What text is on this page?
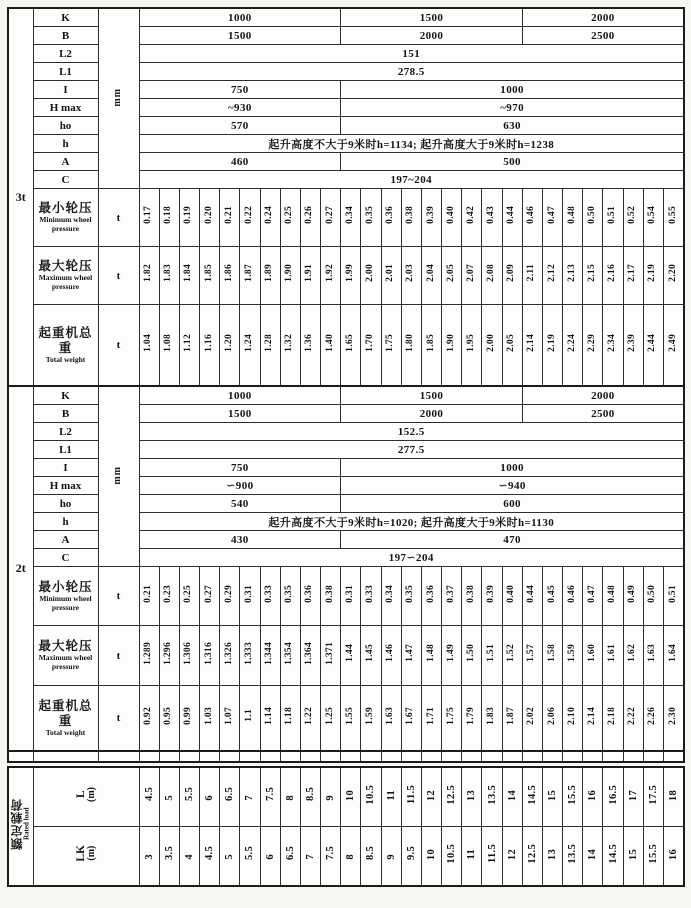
3t	K	mm	1000										1500									2000							
	B		1500										2000									2500							
	L2		151																										
	L1		278.5																										
	I		750										1000																
	H max		~930										~970																
	ho		570										630																
	h		起升高度不大于9米时h=1134; 起升高度大于9米时h=1238																										
	A		460										500																
	C		197~204																										

	最小轮压
Minimum wheel pressure	t	0.17	0.18	0.19	0.20	0.21	0.22	0.24	0.25	0.26	0.27	0.34	0.35	0.36	0.38	0.39	0.40	0.42	0.43	0.44	0.46	0.47	0.48	0.50	0.51	0.52	0.54	0.55

	最大轮压
Maximum wheel pressure	t	1.82	1.83	1.84	1.85	1.86	1.87	1.89	1.90	1.91	1.92	1.99	2.00	2.01	2.03	2.04	2.05	2.07	2.08	2.09	2.11	2.12	2.13	2.15	2.16	2.17	2.19	2.20

	起重机总重
Total weight	t	1.04	1.08	1.12	1.16	1.20	1.24	1.28	1.32	1.36	1.40	1.65	1.70	1.75	1.80	1.85	1.90	1.95	2.00	2.05	2.14	2.19	2.24	2.29	2.34	2.39	2.44	2.49
2t	K	mm	1000										1500									2000							
	B		1500										2000									2500							
	L2		152.5																										
	L1		277.5																										
	I		750										1000																
	H max		∽900										∽940																
	ho		540										600																
	h		起升高度不大于9米时h=1020; 起升高度大于9米时h=1130																										
	A		430										470																
	C		197∽204																										

	最小轮压
Minimum wheel pressure	t	0.21	0.23	0.25	0.27	0.29	0.31	0.33	0.35	0.36	0.38	0.31	0.33	0.34	0.35	0.36	0.37	0.38	0.39	0.40	0.44	0.45	0.46	0.47	0.48	0.49	0.50	0.51

	最大轮压
Maximum wheel pressure	t	1.289	1.296	1.306	1.316	1.326	1.333	1.344	1.354	1.364	1.371	1.44	1.45	1.46	1.47	1.48	1.49	1.50	1.51	1.52	1.57	1.58	1.59	1.60	1.61	1.62	1.63	1.64

	起重机总重
Total weight	t	0.92	0.95	0.99	1.03	1.07	1.1	1.14	1.18	1.22	1.25	1.55	1.59	1.63	1.67	1.71	1.75	1.79	1.83	1.87	2.02	2.06	2.10	2.14	2.18	2.22	2.26	2.30

额定载荷
Rated load	L (m)	4.5	5	5.5	6	6.5	7	7.5	8	8.5	9	10	10.5	11	11.5	12	12.5	13	13.5	14	14.5	15	15.5	16	16.5	17	17.5	18

	LK (m)	3	3.5	4	4.5	5	5.5	6	6.5	7	7.5	8	8.5	9	9.5	10	10.5	11	11.5	12	12.5	13	13.5	14	14.5	15	15.5	16
